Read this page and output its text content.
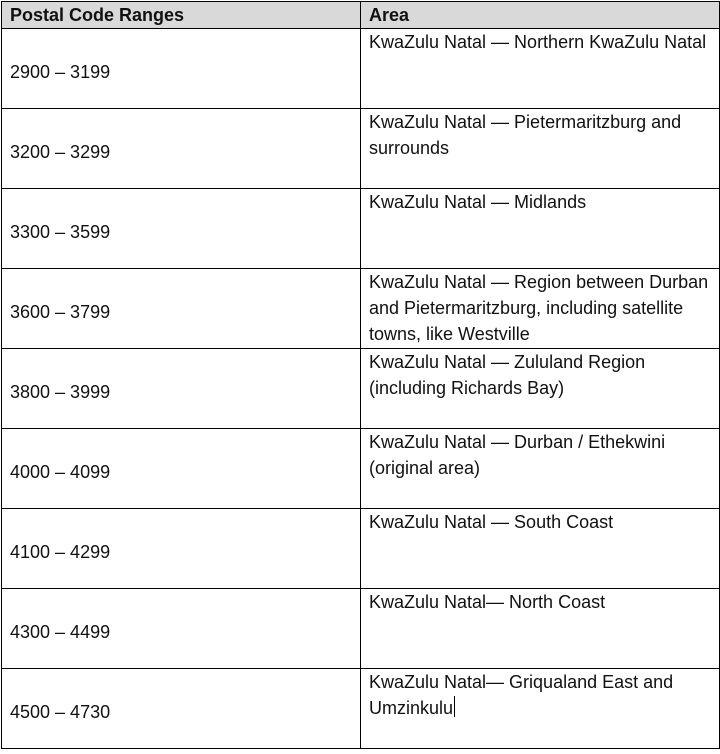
Postal Code Ranges	Area
2900 – 3199	KwaZulu Natal — Northern KwaZulu Natal
3200 – 3299	KwaZulu Natal — Pietermaritzburg and surrounds
3300 – 3599	KwaZulu Natal — Midlands
3600 – 3799	KwaZulu Natal — Region between Durban and Pietermaritzburg, including satellite towns, like Westville
3800 – 3999	KwaZulu Natal — Zululand Region (including Richards Bay)
4000 – 4099	KwaZulu Natal — Durban / Ethekwini (original area)
4100 – 4299	KwaZulu Natal — South Coast
4300 – 4499	KwaZulu Natal— North Coast
4500 – 4730	KwaZulu Natal— Griqualand East and Umzinkulu
